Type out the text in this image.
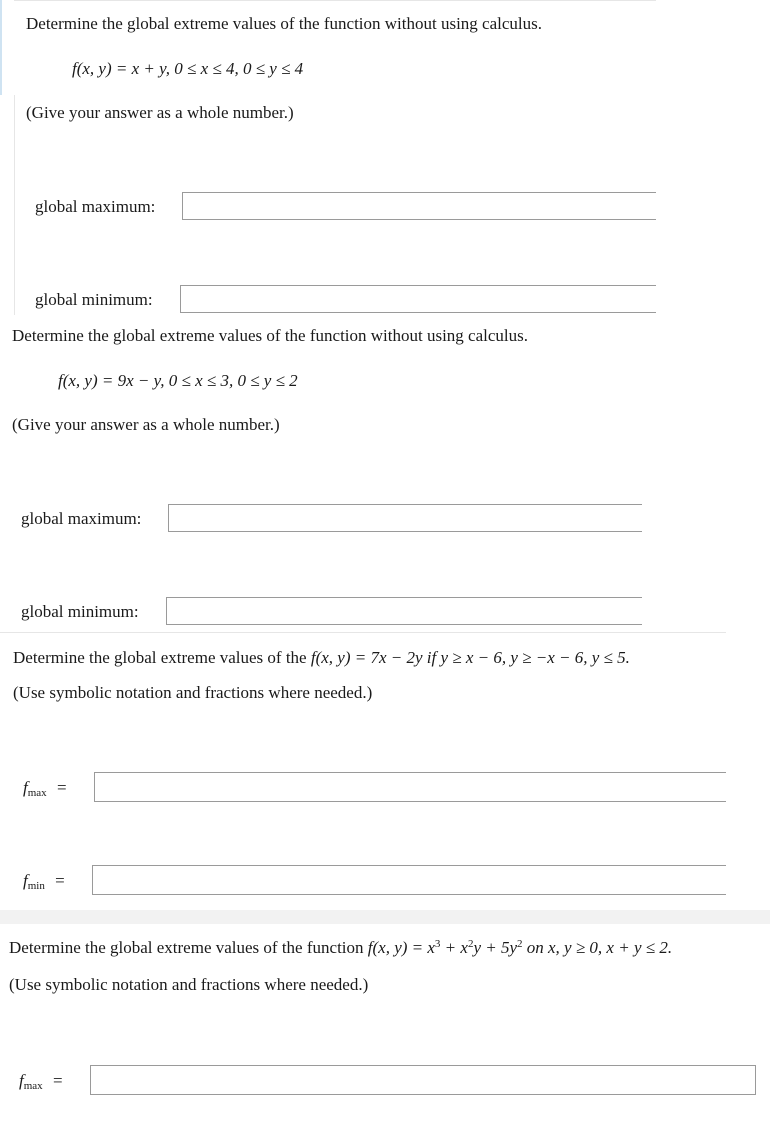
Determine the global extreme values of the function without using calculus.
f(x, y) = x + y, 0 ≤ x ≤ 4, 0 ≤ y ≤ 4
(Give your answer as a whole number.)
global maximum:
global minimum:
Determine the global extreme values of the function without using calculus.
f(x, y) = 9x − y, 0 ≤ x ≤ 3, 0 ≤ y ≤ 2
(Give your answer as a whole number.)
global maximum:
global minimum:
Determine the global extreme values of the f(x, y) = 7x − 2y if y ≥ x − 6, y ≥ −x − 6, y ≤ 5.
(Use symbolic notation and fractions where needed.)
$f_{max}$ =
$f_{min}$ =
Determine the global extreme values of the function f(x, $y) = x^3 + x^2y + 5y^2$ on x, y ≥ 0, x + y ≤ 2.
(Use symbolic notation and fractions where needed.)
$f_{max}$ =
